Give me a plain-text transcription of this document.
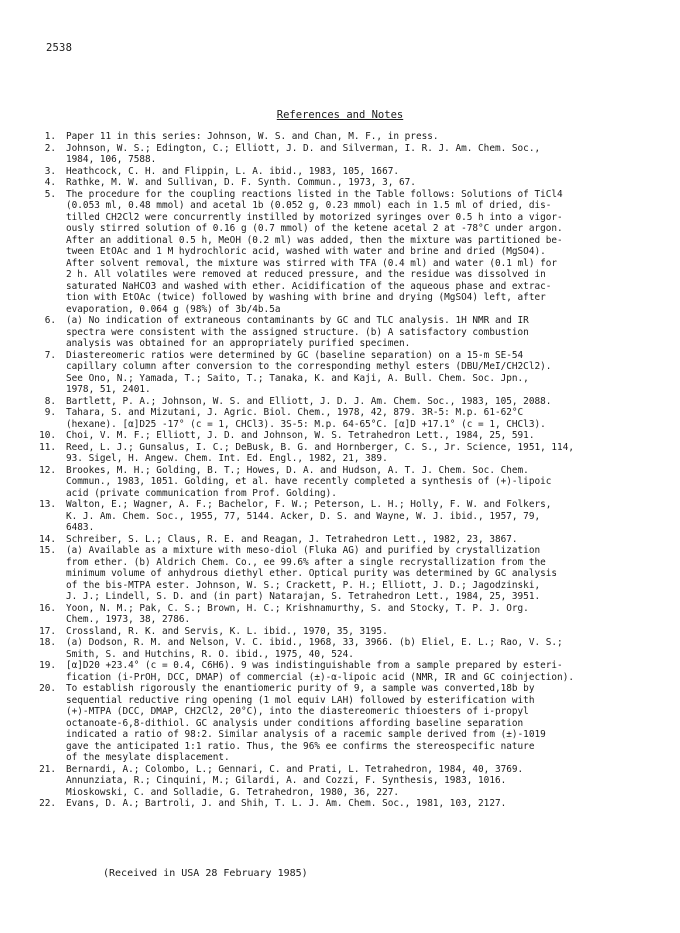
2538
References and Notes
1.	Paper 11 in this series: Johnson, W. S. and Chan, M. F., in press.
2.	Johnson, W. S.; Edington, C.; Elliott, J. D. and Silverman, I. R. J. Am. Chem. Soc.,
1984, 106, 7588.
3.	Heathcock, C. H. and Flippin, L. A. ibid., 1983, 105, 1667.
4.	Rathke, M. W. and Sullivan, D. F. Synth. Commun., 1973, 3, 67.
5.	The procedure for the coupling reactions listed in the Table follows: Solutions of TiCl4
(0.053 ml, 0.48 mmol) and acetal 1b (0.052 g, 0.23 mmol) each in 1.5 ml of dried, dis-
tilled CH2Cl2 were concurrently instilled by motorized syringes over 0.5 h into a vigor-
ously stirred solution of 0.16 g (0.7 mmol) of the ketene acetal 2 at -78°C under argon.
After an additional 0.5 h, MeOH (0.2 ml) was added, then the mixture was partitioned be-
tween EtOAc and 1 M hydrochloric acid, washed with water and brine and dried (MgSO4).
After solvent removal, the mixture was stirred with TFA (0.4 ml) and water (0.1 ml) for
2 h. All volatiles were removed at reduced pressure, and the residue was dissolved in
saturated NaHCO3 and washed with ether. Acidification of the aqueous phase and extrac-
tion with EtOAc (twice) followed by washing with brine and drying (MgSO4) left, after
evaporation, 0.064 g (98%) of 3b/4b.5a
6.	(a) No indication of extraneous contaminants by GC and TLC analysis. 1H NMR and IR
spectra were consistent with the assigned structure. (b) A satisfactory combustion
analysis was obtained for an appropriately purified specimen.
7.	Diastereomeric ratios were determined by GC (baseline separation) on a 15-m SE-54
capillary column after conversion to the corresponding methyl esters (DBU/MeI/CH2Cl2).
See Ono, N.; Yamada, T.; Saito, T.; Tanaka, K. and Kaji, A. Bull. Chem. Soc. Jpn.,
1978, 51, 2401.
8.	Bartlett, P. A.; Johnson, W. S. and Elliott, J. D. J. Am. Chem. Soc., 1983, 105, 2088.
9.	Tahara, S. and Mizutani, J. Agric. Biol. Chem., 1978, 42, 879. 3R-5: M.p. 61-62°C
(hexane). [α]D25 -17° (c = 1, CHCl3). 3S-5: M.p. 64-65°C. [α]D +17.1° (c = 1, CHCl3).
10.	Choi, V. M. F.; Elliott, J. D. and Johnson, W. S. Tetrahedron Lett., 1984, 25, 591.
11.	Reed, L. J.; Gunsalus, I. C.; DeBusk, B. G. and Hornberger, C. S., Jr. Science, 1951, 114,
93. Sigel, H. Angew. Chem. Int. Ed. Engl., 1982, 21, 389.
12.	Brookes, M. H.; Golding, B. T.; Howes, D. A. and Hudson, A. T. J. Chem. Soc. Chem.
Commun., 1983, 1051. Golding, et al. have recently completed a synthesis of (+)-lipoic
acid (private communication from Prof. Golding).
13.	Walton, E.; Wagner, A. F.; Bachelor, F. W.; Peterson, L. H.; Holly, F. W. and Folkers,
K. J. Am. Chem. Soc., 1955, 77, 5144. Acker, D. S. and Wayne, W. J. ibid., 1957, 79,
6483.
14.	Schreiber, S. L.; Claus, R. E. and Reagan, J. Tetrahedron Lett., 1982, 23, 3867.
15.	(a) Available as a mixture with meso-diol (Fluka AG) and purified by crystallization
from ether. (b) Aldrich Chem. Co., ee 99.6% after a single recrystallization from the
minimum volume of anhydrous diethyl ether. Optical purity was determined by GC analysis
of the bis-MTPA ester. Johnson, W. S.; Crackett, P. H.; Elliott, J. D.; Jagodzinski,
J. J.; Lindell, S. D. and (in part) Natarajan, S. Tetrahedron Lett., 1984, 25, 3951.
16.	Yoon, N. M.; Pak, C. S.; Brown, H. C.; Krishnamurthy, S. and Stocky, T. P. J. Org.
Chem., 1973, 38, 2786.
17.	Crossland, R. K. and Servis, K. L. ibid., 1970, 35, 3195.
18.	(a) Dodson, R. M. and Nelson, V. C. ibid., 1968, 33, 3966. (b) Eliel, E. L.; Rao, V. S.;
Smith, S. and Hutchins, R. O. ibid., 1975, 40, 524.
19.	[α]D20 +23.4° (c = 0.4, C6H6). 9 was indistinguishable from a sample prepared by esteri-
fication (i-PrOH, DCC, DMAP) of commercial (±)-α-lipoic acid (NMR, IR and GC coinjection).
20.	To establish rigorously the enantiomeric purity of 9, a sample was converted,18b by
sequential reductive ring opening (1 mol equiv LAH) followed by esterification with
(+)-MTPA (DCC, DMAP, CH2Cl2, 20°C), into the diastereomeric thioesters of i-propyl
octanoate-6,8-dithiol. GC analysis under conditions affording baseline separation
indicated a ratio of 98:2. Similar analysis of a racemic sample derived from (±)-1019
gave the anticipated 1:1 ratio. Thus, the 96% ee confirms the stereospecific nature
of the mesylate displacement.
21.	Bernardi, A.; Colombo, L.; Gennari, C. and Prati, L. Tetrahedron, 1984, 40, 3769.
Annunziata, R.; Cinquini, M.; Gilardi, A. and Cozzi, F. Synthesis, 1983, 1016.
Mioskowski, C. and Solladie, G. Tetrahedron, 1980, 36, 227.
22.	Evans, D. A.; Bartroli, J. and Shih, T. L. J. Am. Chem. Soc., 1981, 103, 2127.
(Received in USA 28 February 1985)
